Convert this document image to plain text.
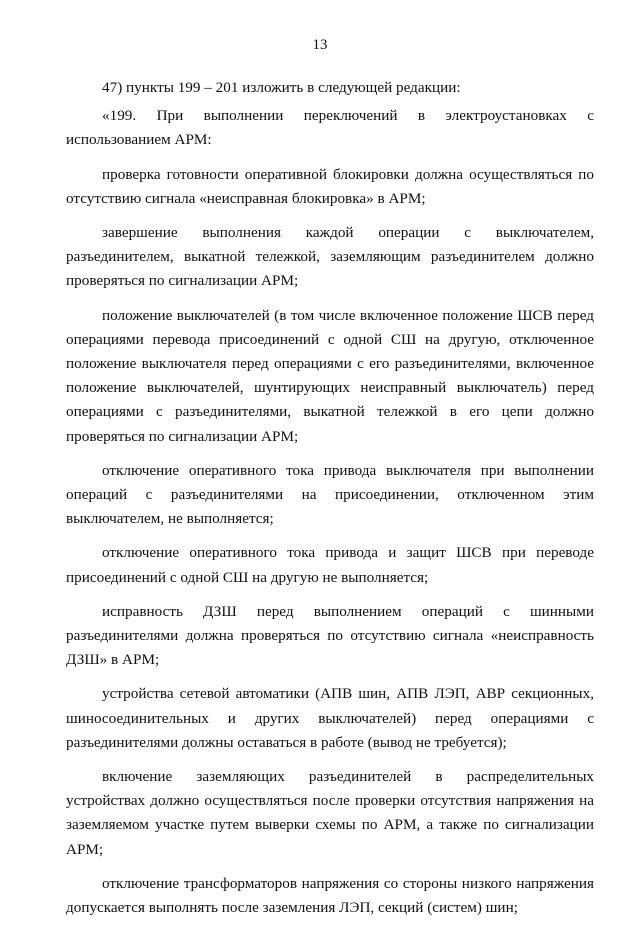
13

47) пункты 199 – 201 изложить в следующей редакции:

«199. При выполнении переключений в электроустановках с использованием АРМ:

проверка готовности оперативной блокировки должна осуществляться по отсутствию сигнала «неисправная блокировка» в АРМ;

завершение выполнения каждой операции с выключателем, разъединителем, выкатной тележкой, заземляющим разъединителем должно проверяться по сигнализации АРМ;

положение выключателей (в том числе включенное положение ШСВ перед операциями перевода присоединений с одной СШ на другую, отключенное положение выключателя перед операциями с его разъединителями, включенное положение выключателей, шунтирующих неисправный выключатель) перед операциями с разъединителями, выкатной тележкой в его цепи должно проверяться по сигнализации АРМ;

отключение оперативного тока привода выключателя при выполнении операций с разъединителями на присоединении, отключенном этим выключателем, не выполняется;

отключение оперативного тока привода и защит ШСВ при переводе присоединений с одной СШ на другую не выполняется;

исправность ДЗШ перед выполнением операций с шинными разъединителями должна проверяться по отсутствию сигнала «неисправность ДЗШ» в АРМ;

устройства сетевой автоматики (АПВ шин, АПВ ЛЭП, АВР секционных, шиносоединительных и других выключателей) перед операциями с разъединителями должны оставаться в работе (вывод не требуется);

включение заземляющих разъединителей в распределительных устройствах должно осуществляться после проверки отсутствия напряжения на заземляемом участке путем выверки схемы по АРМ, а также по сигнализации АРМ;

отключение трансформаторов напряжения со стороны низкого напряжения допускается выполнять после заземления ЛЭП, секций (систем) шин;
